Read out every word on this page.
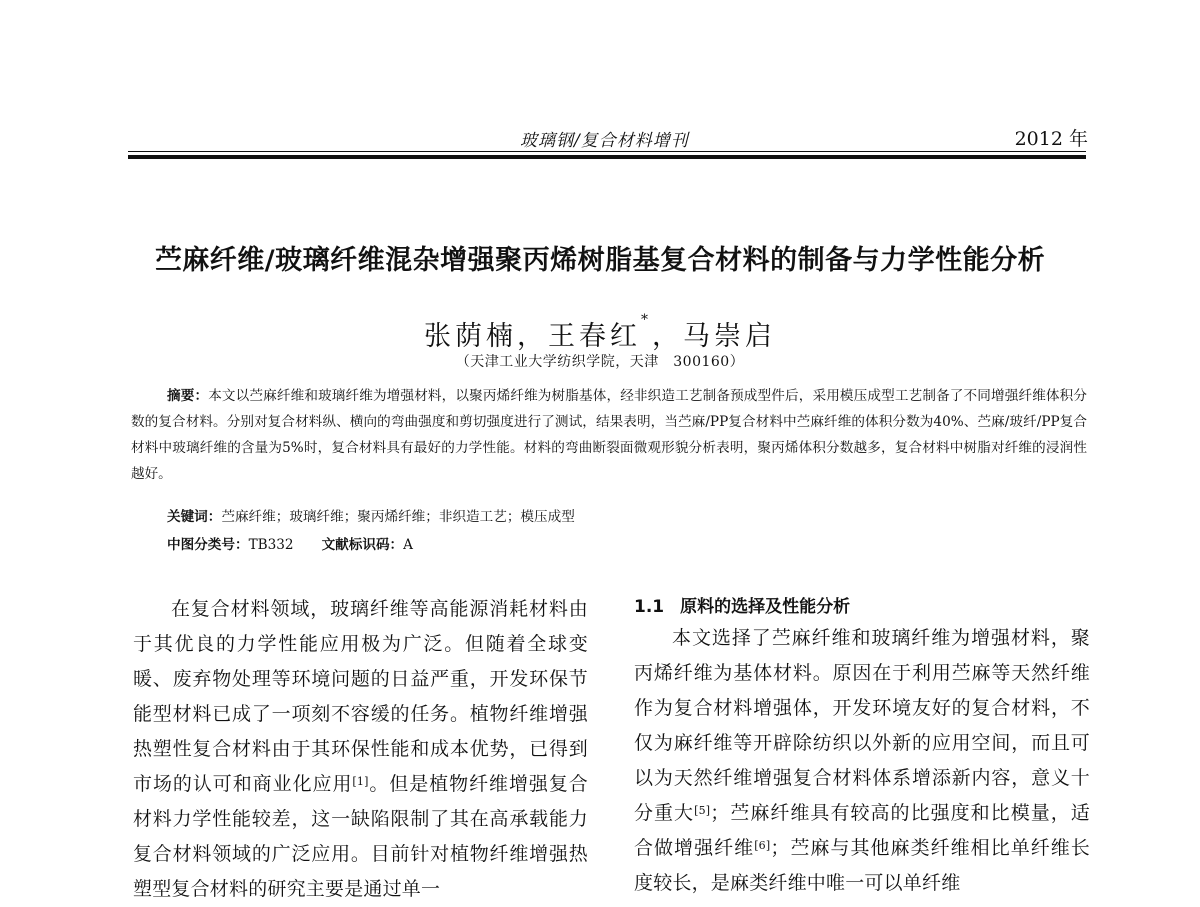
玻璃钢/复合材料增刊	2012 年
苎麻纤维/玻璃纤维混杂增强聚丙烯树脂基复合材料的制备与力学性能分析
张荫楠，王春红*，马崇启
（天津工业大学纺织学院，天津　300160）
摘要：本文以苎麻纤维和玻璃纤维为增强材料，以聚丙烯纤维为树脂基体，经非织造工艺制备预成型件后，采用模压成型工艺制备了不同增强纤维体积分数的复合材料。分别对复合材料纵、横向的弯曲强度和剪切强度进行了测试，结果表明，当苎麻/PP复合材料中苎麻纤维的体积分数为40%、苎麻/玻纤/PP复合材料中玻璃纤维的含量为5%时，复合材料具有最好的力学性能。材料的弯曲断裂面微观形貌分析表明，聚丙烯体积分数越多，复合材料中树脂对纤维的浸润性越好。
关键词：苎麻纤维；玻璃纤维；聚丙烯纤维；非织造工艺；模压成型
中图分类号：TB332 文献标识码：A
在复合材料领域，玻璃纤维等高能源消耗材料由于其优良的力学性能应用极为广泛。但随着全球变暖、废弃物处理等环境问题的日益严重，开发环保节能型材料已成了一项刻不容缓的任务。植物纤维增强热塑性复合材料由于其环保性能和成本优势，已得到市场的认可和商业化应用[1]。但是植物纤维增强复合材料力学性能较差，这一缺陷限制了其在高承载能力复合材料领域的广泛应用。目前针对植物纤维增强热塑型复合材料的研究主要是通过单一
1.1 原料的选择及性能分析
本文选择了苎麻纤维和玻璃纤维为增强材料，聚丙烯纤维为基体材料。原因在于利用苎麻等天然纤维作为复合材料增强体，开发环境友好的复合材料，不仅为麻纤维等开辟除纺织以外新的应用空间，而且可以为天然纤维增强复合材料体系增添新内容，意义十分重大[5]；苎麻纤维具有较高的比强度和比模量，适合做增强纤维[6]；苎麻与其他麻类纤维相比单纤维长度较长，是麻类纤维中唯一可以单纤维
